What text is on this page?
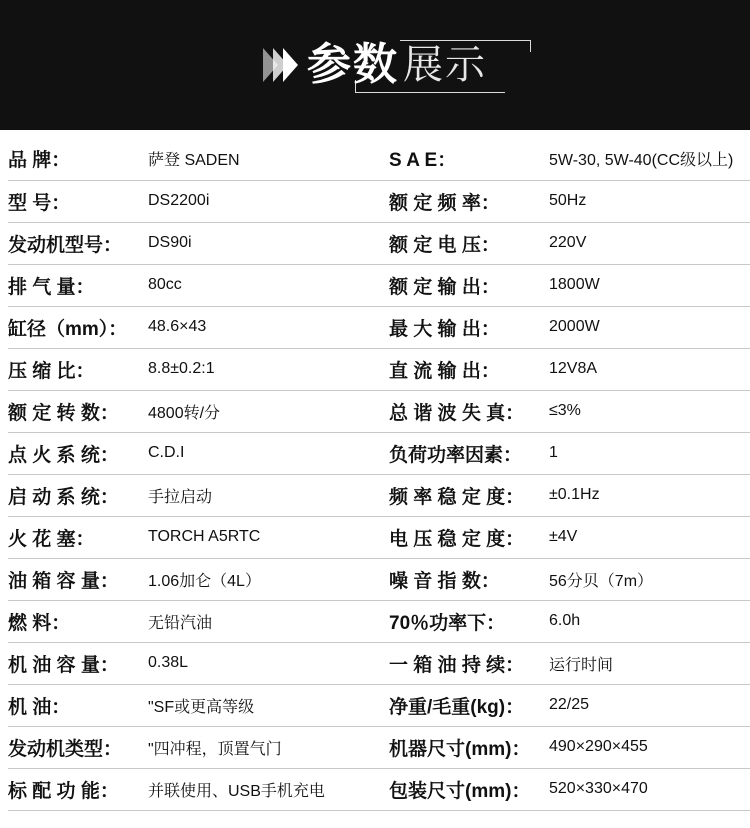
参数 展示
品 牌：	萨登 SADEN	S A E：	5W-30, 5W-40(CC级以上)
型 号：	DS2200i	额 定 频 率：	50Hz
发动机型号：	DS90i	额 定 电 压：	220V
排 气 量：	80cc	额 定 输 出：	1800W
缸径（mm）：	48.6×43	最 大 输 出：	2000W
压 缩 比：	8.8±0.2:1	直 流 输 出：	12V8A
额 定 转 数：	4800转/分	总 谐 波 失 真：	≤3%
点 火 系 统：	C.D.I	负荷功率因素：	1
启 动 系 统：	手拉启动	频 率 稳 定 度：	±0.1Hz
火 花 塞：	TORCH A5RTC	电 压 稳 定 度：	±4V
油 箱 容 量：	1.06加仑（4L）	噪 音 指 数：	56分贝（7m）
燃 料：	无铅汽油	70％功率下：	6.0h
机 油 容 量：	0.38L	一 箱 油 持 续：	运行时间
机 油：	"SF或更高等级	净重/毛重(kg)：	22/25
发动机类型：	"四冲程，顶置气门	机器尺寸(mm)：	490×290×455
标 配 功 能：	并联使用、USB手机充电	包装尺寸(mm)：	520×330×470
